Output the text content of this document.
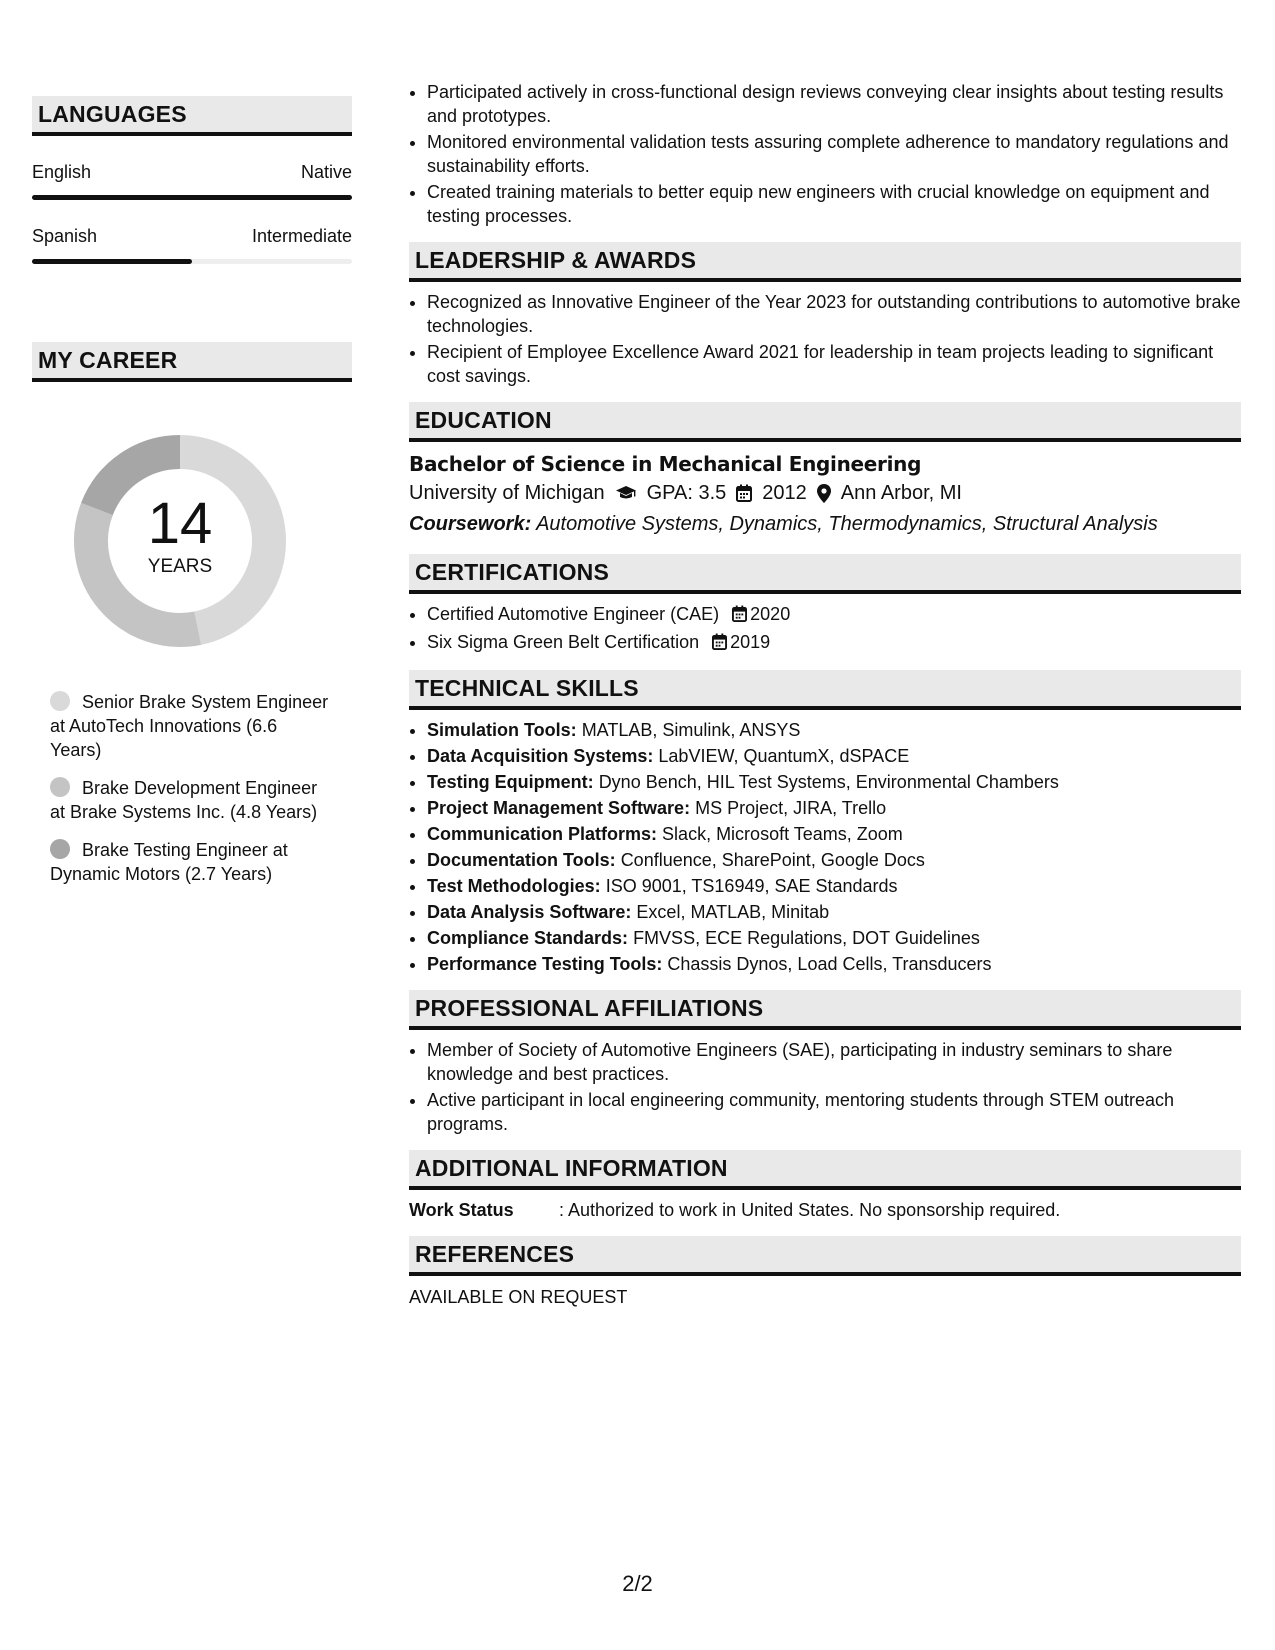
LANGUAGES
English	Native
Spanish	Intermediate
MY CAREER
14
YEARS
Senior Brake System Engineer at AutoTech Innovations (6.6 Years)
Brake Development Engineer at Brake Systems Inc. (4.8 Years)
Brake Testing Engineer at Dynamic Motors (2.7 Years)
• Participated actively in cross-functional design reviews conveying clear insights about testing results and prototypes.
• Monitored environmental validation tests assuring complete adherence to mandatory regulations and sustainability efforts.
• Created training materials to better equip new engineers with crucial knowledge on equipment and testing processes.
LEADERSHIP & AWARDS
• Recognized as Innovative Engineer of the Year 2023 for outstanding contributions to automotive brake technologies.
• Recipient of Employee Excellence Award 2021 for leadership in team projects leading to significant cost savings.
EDUCATION
Bachelor of Science in Mechanical Engineering
University of Michigan GPA: 3.5 2012 Ann Arbor, MI
Coursework: Automotive Systems, Dynamics, Thermodynamics, Structural Analysis
CERTIFICATIONS
• Certified Automotive Engineer (CAE) 2020
• Six Sigma Green Belt Certification 2019
TECHNICAL SKILLS
• Simulation Tools: MATLAB, Simulink, ANSYS
• Data Acquisition Systems: LabVIEW, QuantumX, dSPACE
• Testing Equipment: Dyno Bench, HIL Test Systems, Environmental Chambers
• Project Management Software: MS Project, JIRA, Trello
• Communication Platforms: Slack, Microsoft Teams, Zoom
• Documentation Tools: Confluence, SharePoint, Google Docs
• Test Methodologies: ISO 9001, TS16949, SAE Standards
• Data Analysis Software: Excel, MATLAB, Minitab
• Compliance Standards: FMVSS, ECE Regulations, DOT Guidelines
• Performance Testing Tools: Chassis Dynos, Load Cells, Transducers
PROFESSIONAL AFFILIATIONS
• Member of Society of Automotive Engineers (SAE), participating in industry seminars to share knowledge and best practices.
• Active participant in local engineering community, mentoring students through STEM outreach programs.
ADDITIONAL INFORMATION
Work Status	: Authorized to work in United States. No sponsorship required.
REFERENCES
AVAILABLE ON REQUEST
2/2
